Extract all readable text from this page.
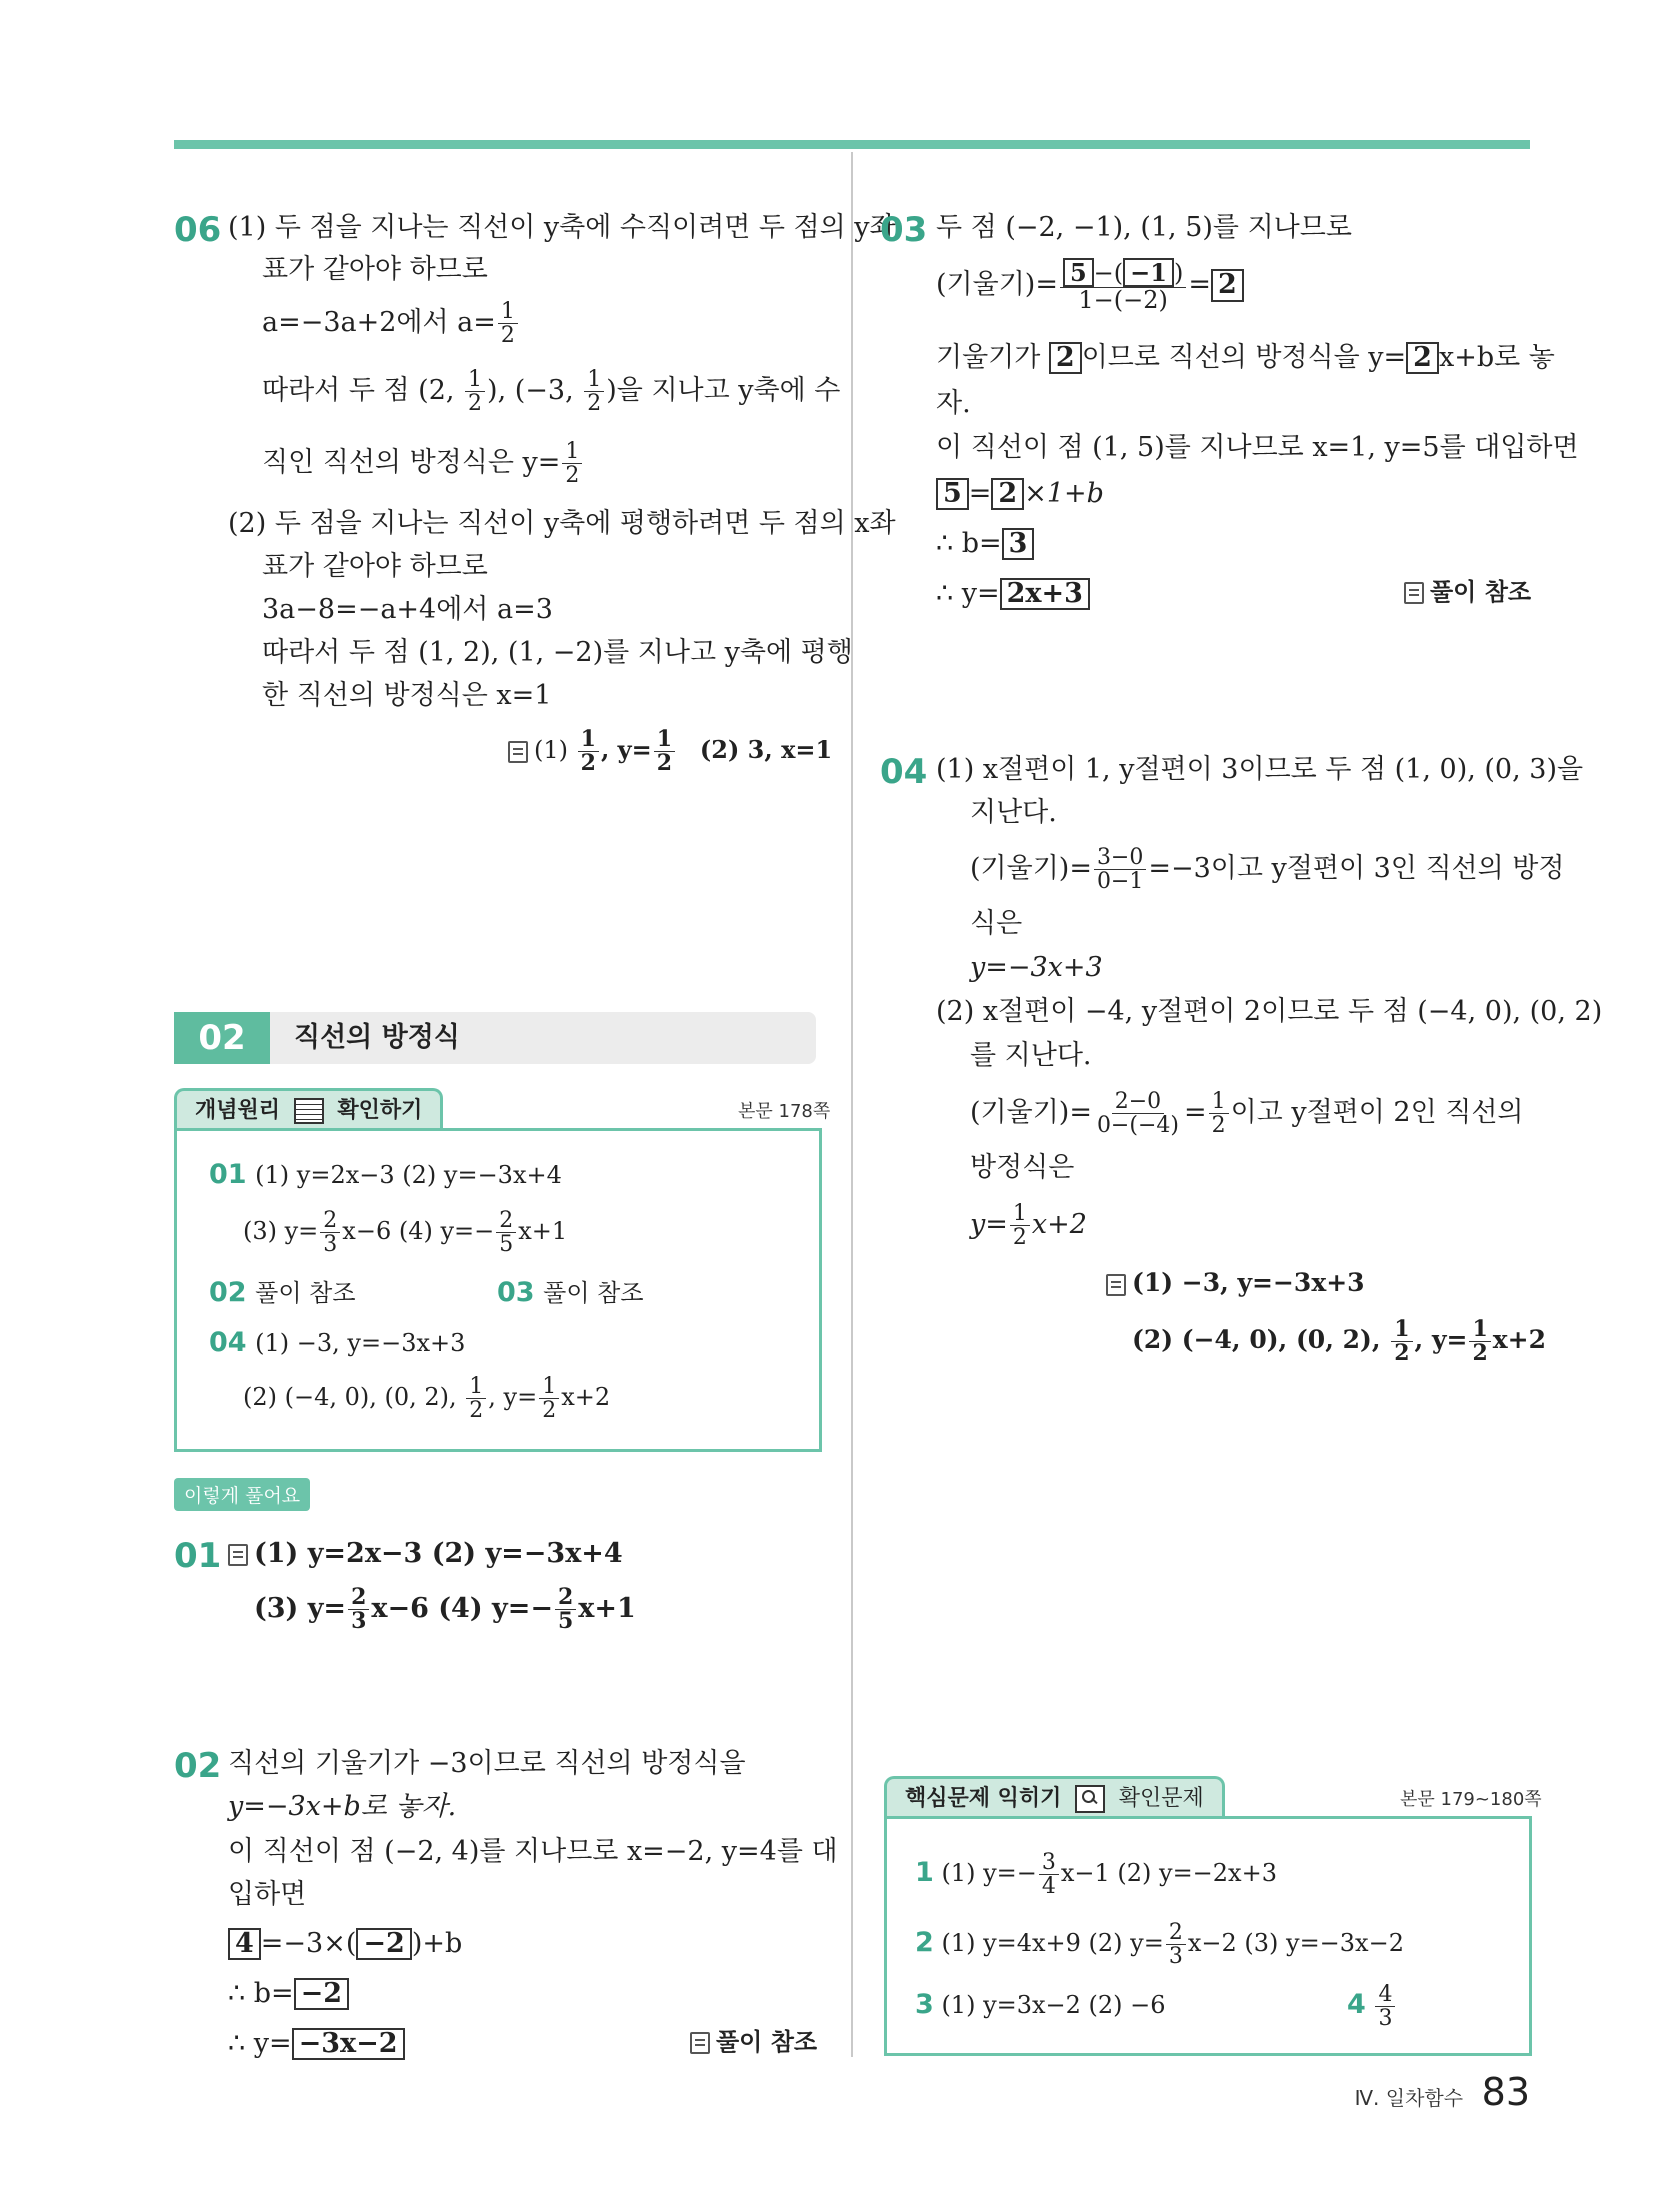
06 (1) 두 점을 지나는 직선이 y축에 수직이려면 두 점의 y좌
표가 같아야 하므로
a=−3a+2에서 $a= \frac{1}{2}$
따라서 두 점 (2, $\frac{1}{2}$ ), (−3, $\frac{1}{2}$ )을 지나고 y축에 수
직인 직선의 방정식은 $y= \frac{1}{2}$
(2) 두 점을 지나는 직선이 y축에 평행하려면 두 점의 x좌
표가 같아야 하므로
3a−8=−a+4에서 a=3
따라서 두 점 (1, 2), (1, −2)를 지나고 y축에 평행
한 직선의 방정식은 x=1
$(1) \frac{1}{2}$ , $y= \frac{1}{2} (2)$ 3, x=1
02	직선의 방정식
개념원리	확인하기	본문 178쪽
01 (1) y=2x−3 (2) y=−3x+4
(3) $y= \frac{2}{3} x-6$ (4) $y=- \frac{2}{5} x+1$
02 풀이 참조	03 풀이 참조
04 (1) −3, y=−3x+3
(2) (−4, 0), (0, 2), $\frac{1}{2}$ , $y= \frac{1}{2} x+2$
이렇게 풀어요
01	(1) y=2x−3 (2) y=−3x+4
(3) $y= \frac{2}{3} x-6$ (4) $y=- \frac{2}{5} x+1$
02 직선의 기울기가 −3이므로 직선의 방정식을
y=−3x+b로 놓자.
이 직선이 점 (−2, 4)를 지나므로 x=−2, y=4를 대
입하면
4 =−3×( −2 )+b
∴ b= −2
∴ y= −3x−2	풀이 참조
03 두 점 (−2, −1), (1, 5)를 지나므로
(기울기)= $\frac{5 -( -1 )}{1-(-2)} = 2$
기울기가 2 이므로 직선의 방정식을 y= 2 x+b로 놓
자.
이 직선이 점 (1, 5)를 지나므로 x=1, y=5를 대입하면
5 = 2 ×1+b
∴ b= 3
∴ y= 2x+3	풀이 참조
04 (1) x절편이 1, y절편이 3이므로 두 점 (1, 0), (0, 3)을
지난다.
(기울기)= $\frac{3-0}{0-1} =-3$이고 y절편이 3인 직선의 방정
식은
y=−3x+3
(2) x절편이 −4, y절편이 2이므로 두 점 (−4, 0), (0, 2)
를 지난다.
(기울기)= $\frac{2-0}{0-(-4)} = \frac{1}{2}$ 이고 y절편이 2인 직선의
방정식은
$y= \frac{1}{2} x+2$
(1) −3, y=−3x+3
(2) (−4, 0), (0, 2), $\frac{1}{2}$ , $y= \frac{1}{2} x+2$
핵심문제 익히기	확인문제	본문 179~180쪽
1 (1) $y=- \frac{3}{4} x-1$ (2) y=−2x+3
2 (1) y=4x+9 (2) $y= \frac{2}{3} x-2$ (3) y=−3x−2
3 (1) y=3x−2 (2) −6	$4 \frac{4}{3}$
Ⅳ. 일차함수 83
